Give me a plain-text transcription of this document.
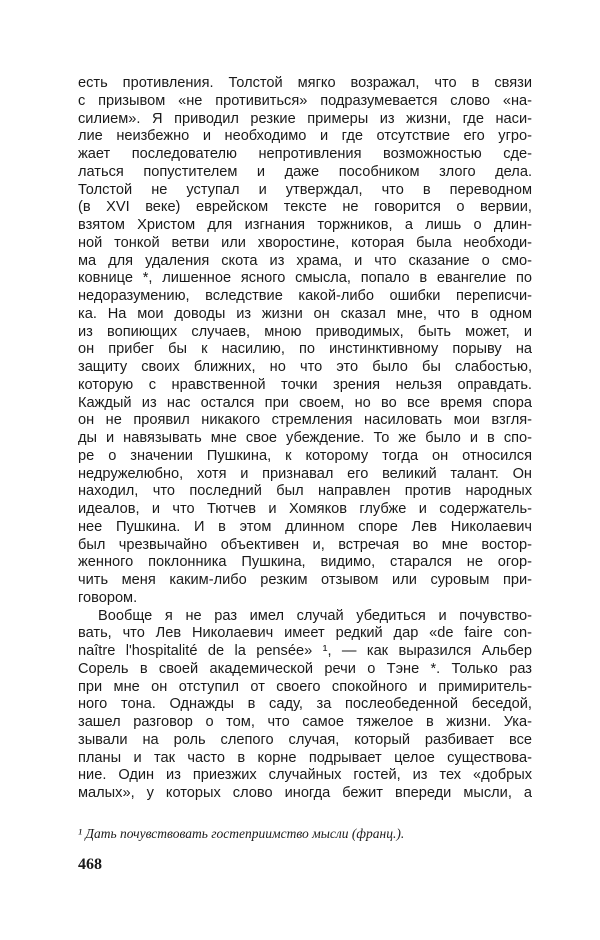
есть противления. Толстой мягко возражал, что в связи
с призывом «не противиться» подразумевается слово «на-
силием». Я приводил резкие примеры из жизни, где наси-
лие неизбежно и необходимо и где отсутствие его угро-
жает последователю непротивления возможностью сде-
латься попустителем и даже пособником злого дела.
Толстой не уступал и утверждал, что в переводном
(в XVI веке) еврейском тексте не говорится о вервии,
взятом Христом для изгнания торжников, а лишь о длин-
ной тонкой ветви или хворостине, которая была необходи-
ма для удаления скота из храма, и что сказание о смо-
ковнице *, лишенное ясного смысла, попало в евангелие по
недоразумению, вследствие какой-либо ошибки переписчи-
ка. На мои доводы из жизни он сказал мне, что в одном
из вопиющих случаев, мною приводимых, быть может, и
он прибег бы к насилию, по инстинктивному порыву на
защиту своих ближних, но что это было бы слабостью,
которую с нравственной точки зрения нельзя оправдать.
Каждый из нас остался при своем, но во все время спора
он не проявил никакого стремления насиловать мои взгля-
ды и навязывать мне свое убеждение. То же было и в спо-
ре о значении Пушкина, к которому тогда он относился
недружелюбно, хотя и признавал его великий талант. Он
находил, что последний был направлен против народных
идеалов, и что Тютчев и Хомяков глубже и содержатель-
нее Пушкина. И в этом длинном споре Лев Николаевич
был чрезвычайно объективен и, встречая во мне востор-
женного поклонника Пушкина, видимо, старался не огор-
чить меня каким-либо резким отзывом или суровым при-
говором.
Вообще я не раз имел случай убедиться и почувство-
вать, что Лев Николаевич имеет редкий дар «de faire con-
naître l'hospitalité de la pensée» ¹, — как выразился Альбер
Сорель в своей академической речи о Тэне *. Только раз
при мне он отступил от своего спокойного и примиритель-
ного тона. Однажды в саду, за послеобеденной беседой,
зашел разговор о том, что самое тяжелое в жизни. Ука-
зывали на роль слепого случая, который разбивает все
планы и так часто в корне подрывает целое существова-
ние. Один из приезжих случайных гостей, из тех «добрых
малых», у которых слово иногда бежит впереди мысли, а
¹ Дать почувствовать гостеприимство мысли (франц.).
468
